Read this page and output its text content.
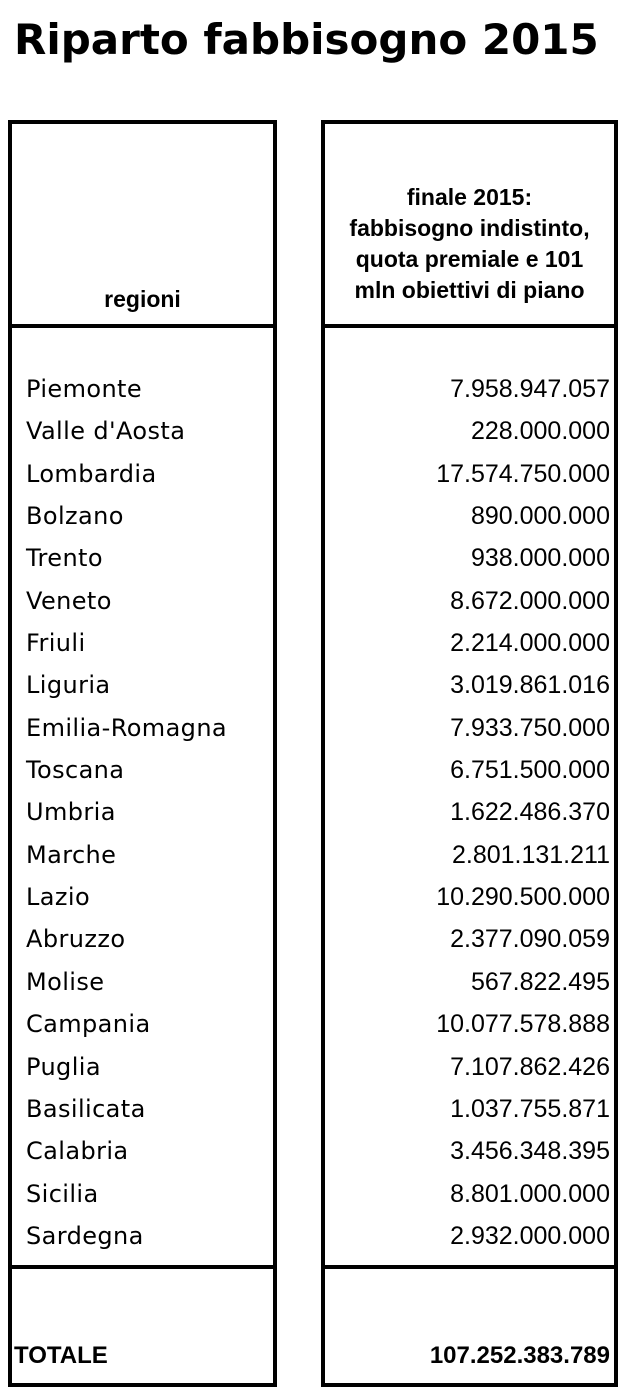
Riparto fabbisogno 2015
regioni
finale 2015:
fabbisogno indistinto,
quota premiale e 101
mln obiettivi di piano
Piemonte
Valle d'Aosta
Lombardia
Bolzano
Trento
Veneto
Friuli
Liguria
Emilia-Romagna
Toscana
Umbria
Marche
Lazio
Abruzzo
Molise
Campania
Puglia
Basilicata
Calabria
Sicilia
Sardegna
7.958.947.057
228.000.000
17.574.750.000
890.000.000
938.000.000
8.672.000.000
2.214.000.000
3.019.861.016
7.933.750.000
6.751.500.000
1.622.486.370
2.801.131.211
10.290.500.000
2.377.090.059
567.822.495
10.077.578.888
7.107.862.426
1.037.755.871
3.456.348.395
8.801.000.000
2.932.000.000
TOTALE	107.252.383.789
